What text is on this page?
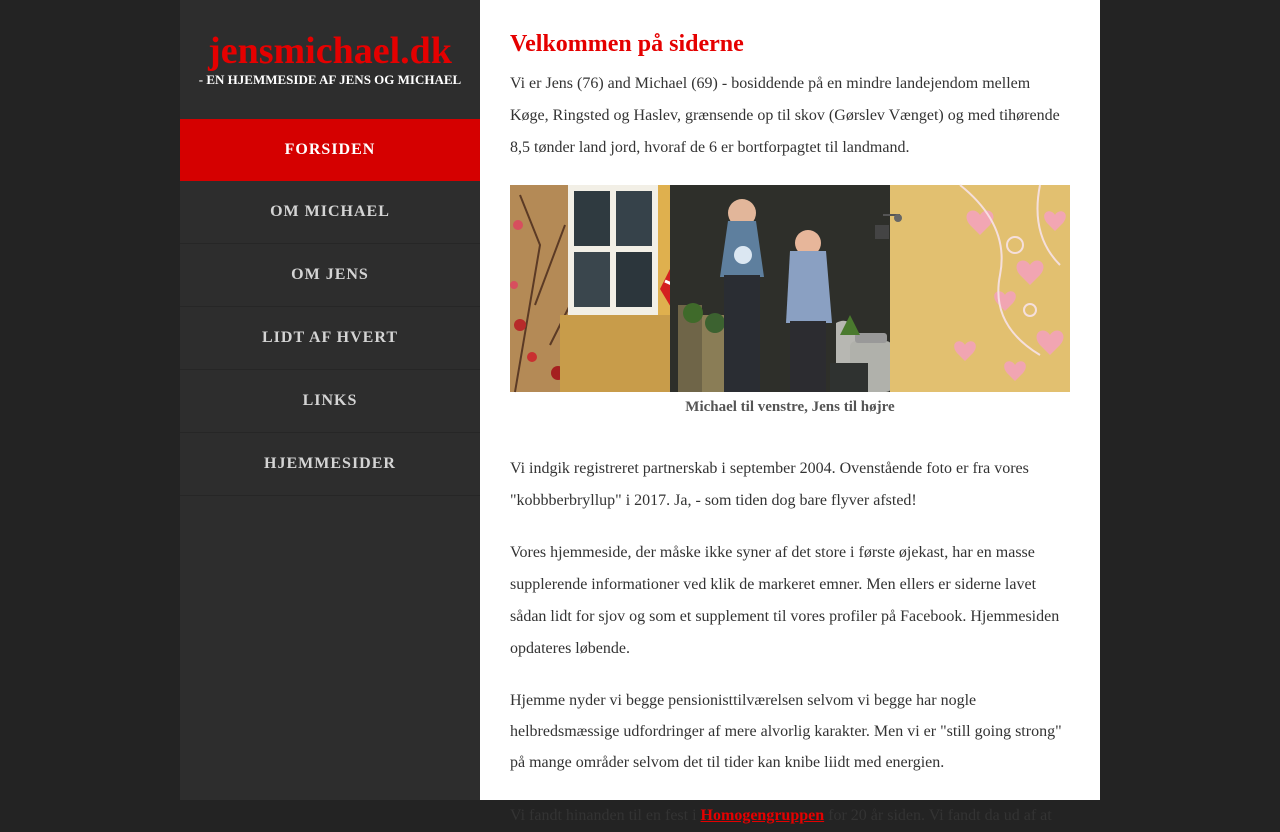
jensmichael.dk
- EN HJEMMESIDE AF JENS OG MICHAEL
FORSIDEN
OM MICHAEL
OM JENS
LIDT AF HVERT
LINKS
HJEMMESIDER
Velkommen på siderne

Vi er Jens (76) and Michael (69) - bosiddende på en mindre landejendom mellem Køge, Ringsted og Haslev, grænsende op til skov (Gørslev Vænget) og med tihørende 8,5 tønder land jord, hvoraf de 6 er bortforpagtet til landmand.

Michael til venstre, Jens til højre

Vi indgik registreret partnerskab i september 2004. Ovenstående foto er fra vores "kobbberbryllup" i 2017. Ja, - som tiden dog bare flyver afsted!

Vores hjemmeside, der måske ikke syner af det store i første øjekast, har en masse supplerende informationer ved klik de markeret emner. Men ellers er siderne lavet sådan lidt for sjov og som et supplement til vores profiler på Facebook. Hjemmesiden opdateres løbende.

Hjemme nyder vi begge pensionisttilværelsen selvom vi begge har nogle helbredsmæssige udfordringer af mere alvorlig karakter. Men vi er "still going strong" på mange områder selvom det til tider kan knibe liidt med energien.

Vi fandt hinanden til en fest i Homogengruppen for 20 år siden. Vi fandt da ud af at
